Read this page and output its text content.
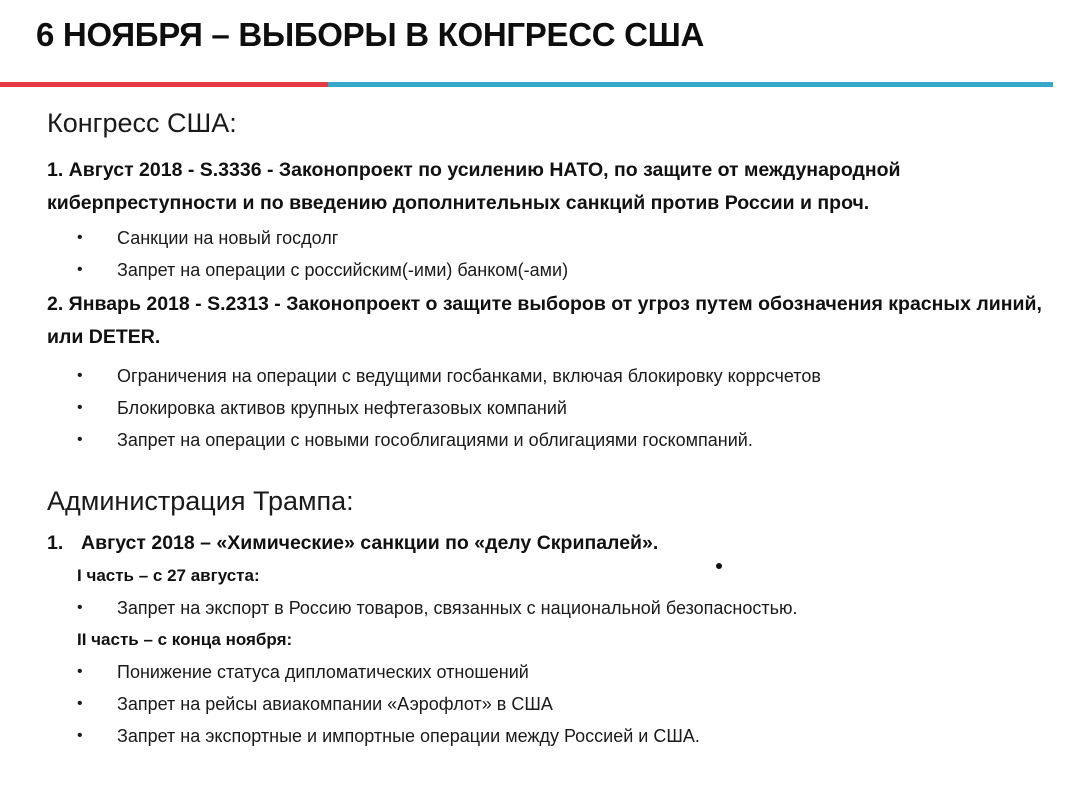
6 НОЯБРЯ – ВЫБОРЫ В КОНГРЕСС США

Конгресс США:

1. Август 2018 - S.3336 - Законопроект по усилению НАТО, по защите от международной киберпреступности и по введению дополнительных санкций против России и проч.

• Санкции на новый госдолг
• Запрет на операции с российским(-ими) банком(-ами)

2. Январь 2018 - S.2313 - Законопроект о защите выборов от угроз путем обозначения красных линий, или DETER.

• Ограничения на операции с ведущими госбанками, включая блокировку коррсчетов
• Блокировка активов крупных нефтегазовых компаний
• Запрет на операции с новыми гособлигациями и облигациями госкомпаний.

Администрация Трампа:

1. Август 2018 – «Химические» санкции по «делу Скрипалей».

I часть – с 27 августа:
• Запрет на экспорт в Россию товаров, связанных с национальной безопасностью.
II часть – с конца ноября:
• Понижение статуса дипломатических отношений
• Запрет на рейсы авиакомпании «Аэрофлот» в США
• Запрет на экспортные и импортные операции между Россией и США.
